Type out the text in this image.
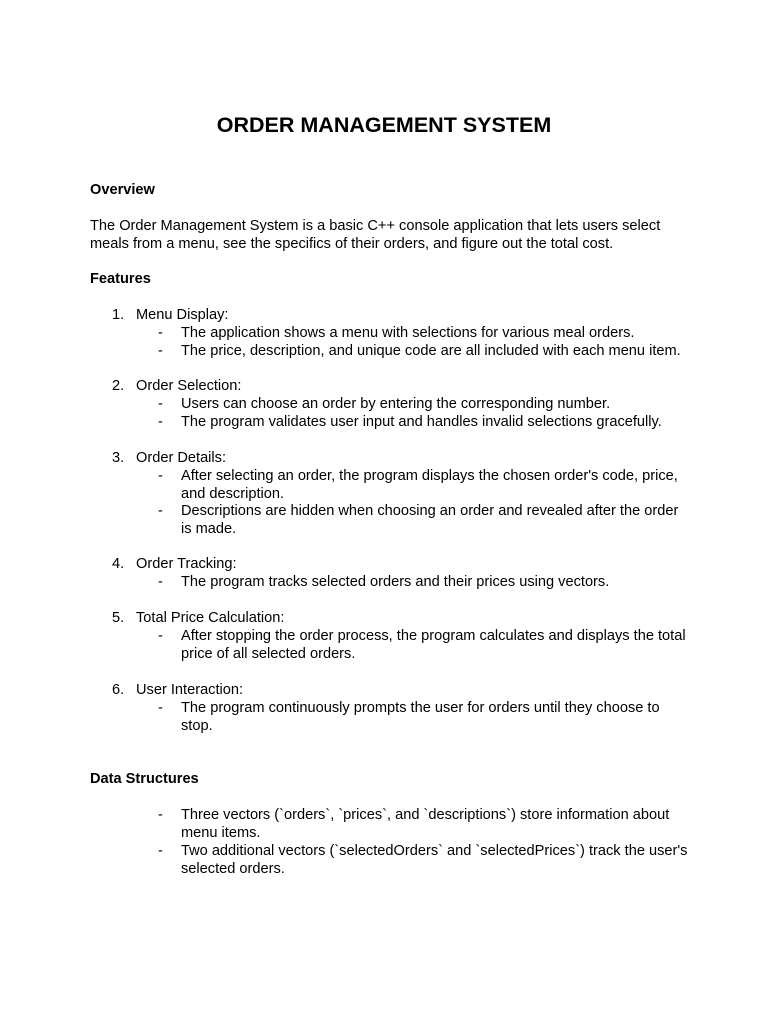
ORDER MANAGEMENT SYSTEM

Overview

The Order Management System is a basic C++ console application that lets users select meals from a menu, see the specifics of their orders, and figure out the total cost.

Features

1. Menu Display:

- The application shows a menu with selections for various meal orders.

- The price, description, and unique code are all included with each menu item.

2. Order Selection:

- Users can choose an order by entering the corresponding number.

- The program validates user input and handles invalid selections gracefully.

3. Order Details:

- After selecting an order, the program displays the chosen order's code, price, and description.

- Descriptions are hidden when choosing an order and revealed after the order is made.

4. Order Tracking:

- The program tracks selected orders and their prices using vectors.

5. Total Price Calculation:

- After stopping the order process, the program calculates and displays the total price of all selected orders.

6. User Interaction:

- The program continuously prompts the user for orders until they choose to stop.

Data Structures

- Three vectors (`orders`, `prices`, and `descriptions`) store information about menu items.

- Two additional vectors (`selectedOrders` and `selectedPrices`) track the user's selected orders.
